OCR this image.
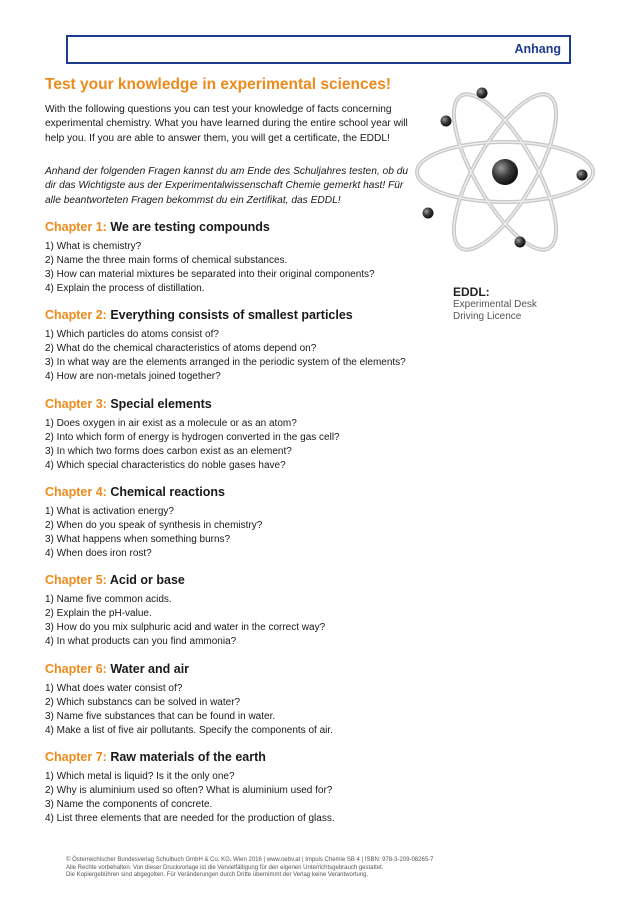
Anhang
Test your knowledge in experimental sciences!

With the following questions you can test your knowledge of facts concerning experimental chemistry. What you have learned during the entire school year will help you. If you are able to answer them, you will get a certificate, the EDDL!

Anhand der folgenden Fragen kannst du am Ende des Schuljahres testen, ob du dir das Wichtigste aus der Experimentalwissenschaft Chemie gemerkt hast! Für alle beantworteten Fragen bekommst du ein Zertifikat, das EDDL!

EDDL:
Experimental Desk
Driving Licence
Chapter 1: We are testing compounds
1) What is chemistry?
2) Name the three main forms of chemical substances.
3) How can material mixtures be separated into their original components?
4) Explain the process of distillation.
Chapter 2: Everything consists of smallest particles
1) Which particles do atoms consist of?
2) What do the chemical characteristics of atoms depend on?
3) In what way are the elements arranged in the periodic system of the elements?
4) How are non-metals joined together?
Chapter 3: Special elements
1) Does oxygen in air exist as a molecule or as an atom?
2) Into which form of energy is hydrogen converted in the gas cell?
3) In which two forms does carbon exist as an element?
4) Which special characteristics do noble gases have?
Chapter 4: Chemical reactions
1) What is activation energy?
2) When do you speak of synthesis in chemistry?
3) What happens when something burns?
4) When does iron rost?
Chapter 5: Acid or base
1) Name five common acids.
2) Explain the pH-value.
3) How do you mix sulphuric acid and water in the correct way?
4) In what products can you find ammonia?
Chapter 6: Water and air
1) What does water consist of?
2) Which substancs can be solved in water?
3) Name five substances that can be found in water.
4) Make a list of five air pollutants. Specify the components of air.
Chapter 7: Raw materials of the earth
1) Which metal is liquid? Is it the only one?
2) Why is aluminium used so often? What is aluminium used for?
3) Name the components of concrete.
4) List three elements that are needed for the production of glass.
© Österreichischer Bundesverlag Schulbuch GmbH & Co. KG, Wien 2016 | www.oebv.at | Impuls Chemie SB 4 | ISBN: 978-3-209-08265-7
Alle Rechte vorbehalten. Von dieser Druckvorlage ist die Vervielfältigung für den eigenen Unterrichtsgebrauch gestattet.
Die Kopiergebühren sind abgegolten. Für Veränderungen durch Dritte übernimmt der Verlag keine Verantwortung.
